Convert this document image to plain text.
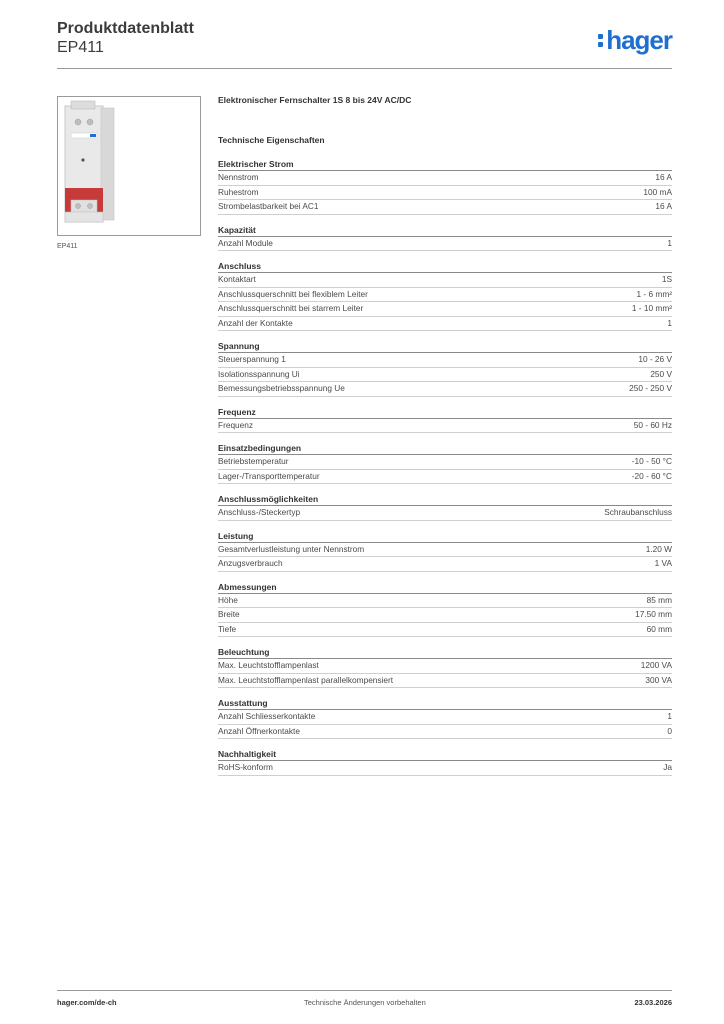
Produktdatenblatt
EP411	hager
EP411
Elektronischer Fernschalter 1S 8 bis 24V AC/DC
Technische Eigenschaften
Elektrischer Strom
Nennstrom	16 A
Ruhestrom	100 mA
Strombelastbarkeit bei AC1	16 A
Kapazität
Anzahl Module	1
Anschluss
Kontaktart	1S
Anschlussquerschnitt bei flexiblem Leiter	1 - 6 mm²
Anschlussquerschnitt bei starrem Leiter	1 - 10 mm²
Anzahl der Kontakte	1
Spannung
Steuerspannung 1	10 - 26 V
Isolationsspannung Ui	250 V
Bemessungsbetriebsspannung Ue	250 - 250 V
Frequenz
Frequenz	50 - 60 Hz
Einsatzbedingungen
Betriebstemperatur	-10 - 50 °C
Lager-/Transporttemperatur	-20 - 60 °C
Anschlussmöglichkeiten
Anschluss-/Steckertyp	Schraubanschluss
Leistung
Gesamtverlustleistung unter Nennstrom	1.20 W
Anzugsverbrauch	1 VA
Abmessungen
Höhe	85 mm
Breite	17.50 mm
Tiefe	60 mm
Beleuchtung
Max. Leuchtstofflampenlast	1200 VA
Max. Leuchtstofflampenlast parallelkompensiert	300 VA
Ausstattung
Anzahl Schliesserkontakte	1
Anzahl Öffnerkontakte	0
Nachhaltigkeit
RoHS-konform	Ja
hager.com/de-ch	Technische Änderungen vorbehalten	23.03.2026
